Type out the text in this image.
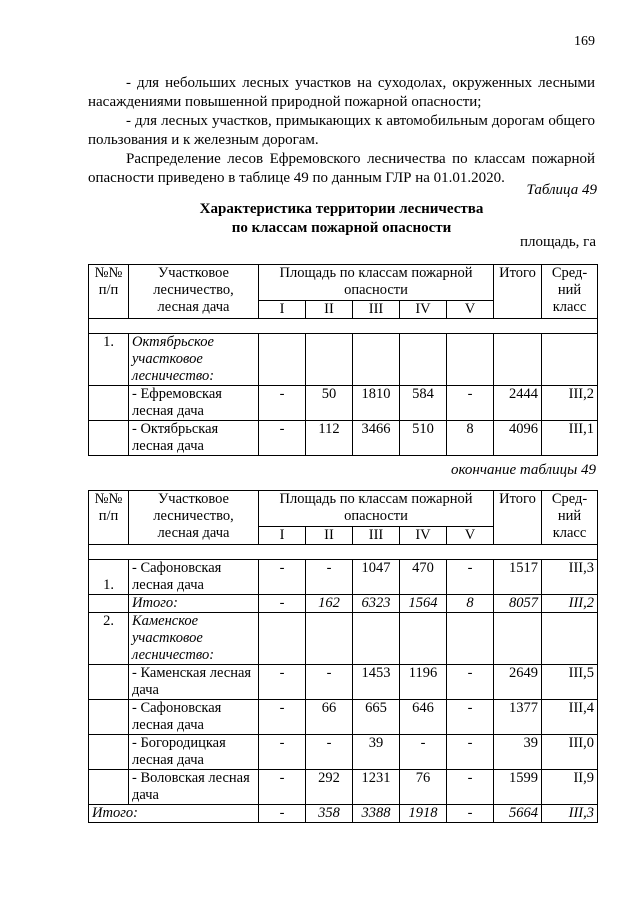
169
- для небольших лесных участков на суходолах, окруженных лесными насаждениями повышенной природной пожарной опасности;
- для лесных участков, примыкающих к автомобильным дорогам общего пользования и к железным дорогам.
Распределение лесов Ефремовского лесничества по классам пожарной опасности приведено в таблице 49 по данным ГЛР на 01.01.2020.
Таблица 49
Характеристика территории лесничества
по классам пожарной опасности
площадь, га
№№ п/п	Участковое лесничество, лесная дача	Площадь по классам пожарной опасности					Итого	Сред- ний класс
		I	II	III	IV	V		

1.	Октябрьское участковое лесничество:							
	- Ефремовская лесная дача	-	50	1810	584	-	2444	III,2
	- Октябрьская лесная дача	-	112	3466	510	8	4096	III,1
окончание таблицы 49
№№ п/п	Участковое лесничество, лесная дача	Площадь по классам пожарной опасности					Итого	Сред- ний класс
		I	II	III	IV	V		

1.	- Сафоновская лесная дача	-	-	1047	470	-	1517	III,3
	Итого:	-	162	6323	1564	8	8057	III,2
2.	Каменское участковое лесничество:							
	- Каменская лесная дача	-	-	1453	1196	-	2649	III,5
	- Сафоновская лесная дача	-	66	665	646	-	1377	III,4
	- Богородицкая лесная дача	-	-	39	-	-	39	III,0
	- Воловская лесная дача	-	292	1231	76	-	1599	II,9
Итого:		-	358	3388	1918	-	5664	III,3
